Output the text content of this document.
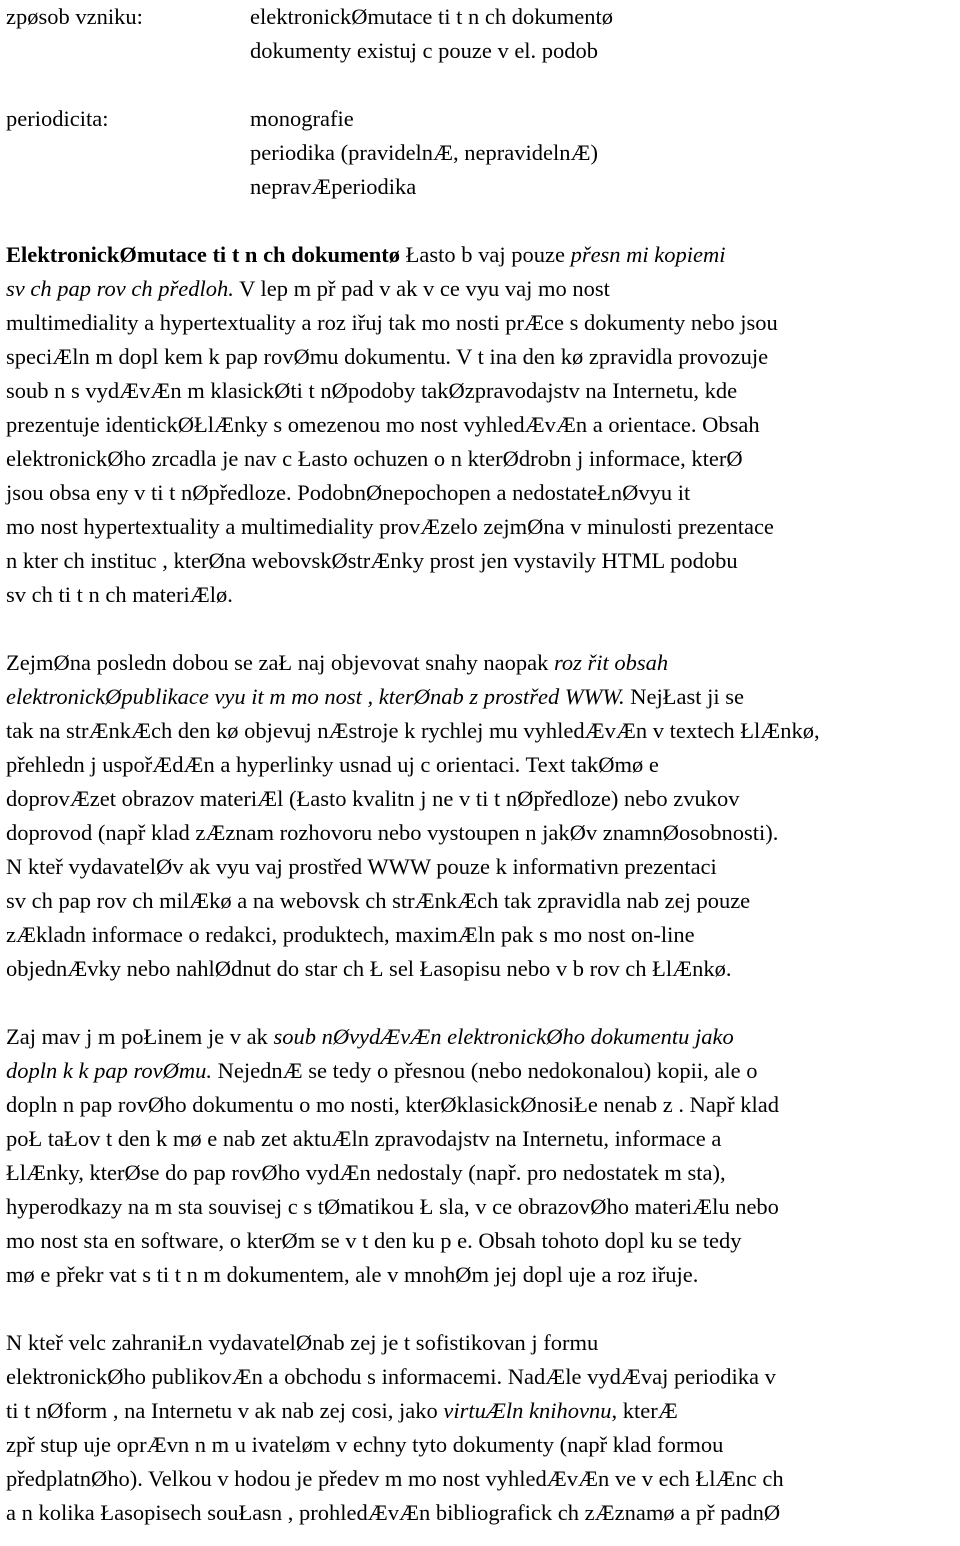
zpøsob vzniku:	elektronickØmutace ti t n ch dokumentø
dokumenty existuj c pouze v el. podob
periodicita:	monografie
periodika (pravidelnÆ, nepravidelnÆ)
nepravÆperiodika

ElektronickØmutace ti t n ch dokumentø Łasto b vaj pouze přesn mi kopiemi
sv ch pap rov ch předloh. V lep m př pad v ak v ce vyu vaj mo nost
multimediality a hypertextuality a roz iřuj tak mo nosti prÆce s dokumenty nebo jsou
speciÆln m dopl kem k pap rovØmu dokumentu. V t ina den kø zpravidla provozuje
soub n s vydÆvÆn m klasickØti t nØpodoby takØzpravodajstv na Internetu, kde
prezentuje identickØŁlÆnky s omezenou mo nost vyhledÆvÆn a orientace. Obsah
elektronickØho zrcadla je nav c Łasto ochuzen o n kterØdrobn j informace, kterØ
jsou obsa eny v ti t nØpředloze. PodobnØnepochopen a nedostateŁnØvyu it
mo nost hypertextuality a multimediality provÆzelo zejmØna v minulosti prezentace
n kter ch instituc , kterØna webovskØstrÆnky prost jen vystavily HTML podobu
sv ch ti t n ch materiÆlø.

ZejmØna posledn dobou se zaŁ naj objevovat snahy naopak roz řit obsah
elektronickØpublikace vyu it m mo nost , kterØnab z prostřed WWW. NejŁast ji se
tak na strÆnkÆch den kø objevuj nÆstroje k rychlej mu vyhledÆvÆn v textech ŁlÆnkø,
přehledn j uspořÆdÆn a hyperlinky usnad uj c orientaci. Text takØmø e
doprovÆzet obrazov materiÆl (Łasto kvalitn j ne v ti t nØpředloze) nebo zvukov
doprovod (např klad zÆznam rozhovoru nebo vystoupen n jakØv znamnØosobnosti).
N kteř vydavatelØv ak vyu vaj prostřed WWW pouze k informativn prezentaci
sv ch pap rov ch milÆkø a na webovsk ch strÆnkÆch tak zpravidla nab zej pouze
zÆkladn informace o redakci, produktech, maximÆln pak s mo nost on-line
objednÆvky nebo nahlØdnut do star ch Ł sel Łasopisu nebo v b rov ch ŁlÆnkø.

Zaj mav j m poŁinem je v ak soub nØvydÆvÆn elektronickØho dokumentu jako
dopln k k pap rovØmu. NejednÆ se tedy o přesnou (nebo nedokonalou) kopii, ale o
dopln n pap rovØho dokumentu o mo nosti, kterØklasickØnosiŁe nenab z . Např klad
poŁ taŁov t den k mø e nab zet aktuÆln zpravodajstv na Internetu, informace a
ŁlÆnky, kterØse do pap rovØho vydÆn nedostaly (např. pro nedostatek m sta),
hyperodkazy na m sta souvisej c s tØmatikou Ł sla, v ce obrazovØho materiÆlu nebo
mo nost sta en software, o kterØm se v t den ku p e. Obsah tohoto dopl ku se tedy
mø e překr vat s ti t n m dokumentem, ale v mnohØm jej dopl uje a roz iřuje.

N kteř velc zahraniŁn vydavatelØnab zej je t sofistikovan j formu
elektronickØho publikovÆn a obchodu s informacemi. NadÆle vydÆvaj periodika v
ti t nØform , na Internetu v ak nab zej cosi, jako virtuÆln knihovnu, kterÆ
zpř stup uje oprÆvn n m u ivateløm v echny tyto dokumenty (např klad formou
předplatnØho). Velkou v hodou je předev m mo nost vyhledÆvÆn ve v ech ŁlÆnc ch
a n kolika Łasopisech souŁasn , prohledÆvÆn bibliografick ch zÆznamø a př padnØ
